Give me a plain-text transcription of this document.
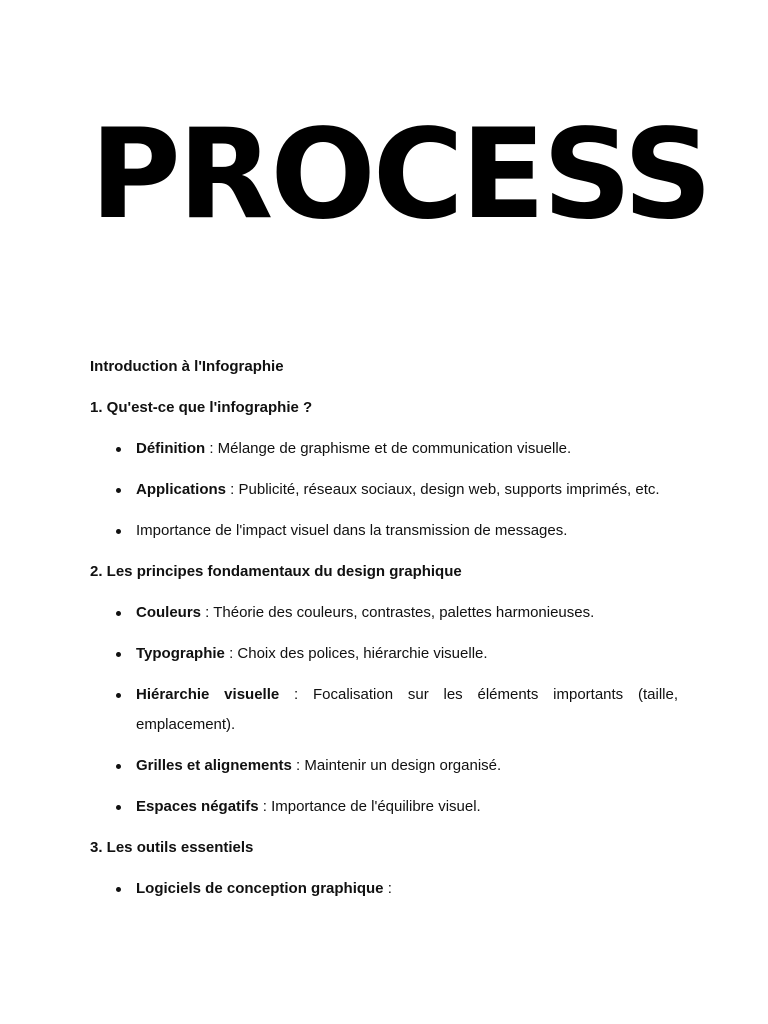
PROCESS

Introduction à l'Infographie

1. Qu'est-ce que l'infographie ?

Définition : Mélange de graphisme et de communication visuelle.
Applications : Publicité, réseaux sociaux, design web, supports imprimés, etc.
Importance de l'impact visuel dans la transmission de messages.

2. Les principes fondamentaux du design graphique

Couleurs : Théorie des couleurs, contrastes, palettes harmonieuses.
Typographie : Choix des polices, hiérarchie visuelle.
Hiérarchie visuelle : Focalisation sur les éléments importants (taille, emplacement).
Grilles et alignements : Maintenir un design organisé.
Espaces négatifs : Importance de l'équilibre visuel.

3. Les outils essentiels

Logiciels de conception graphique :
